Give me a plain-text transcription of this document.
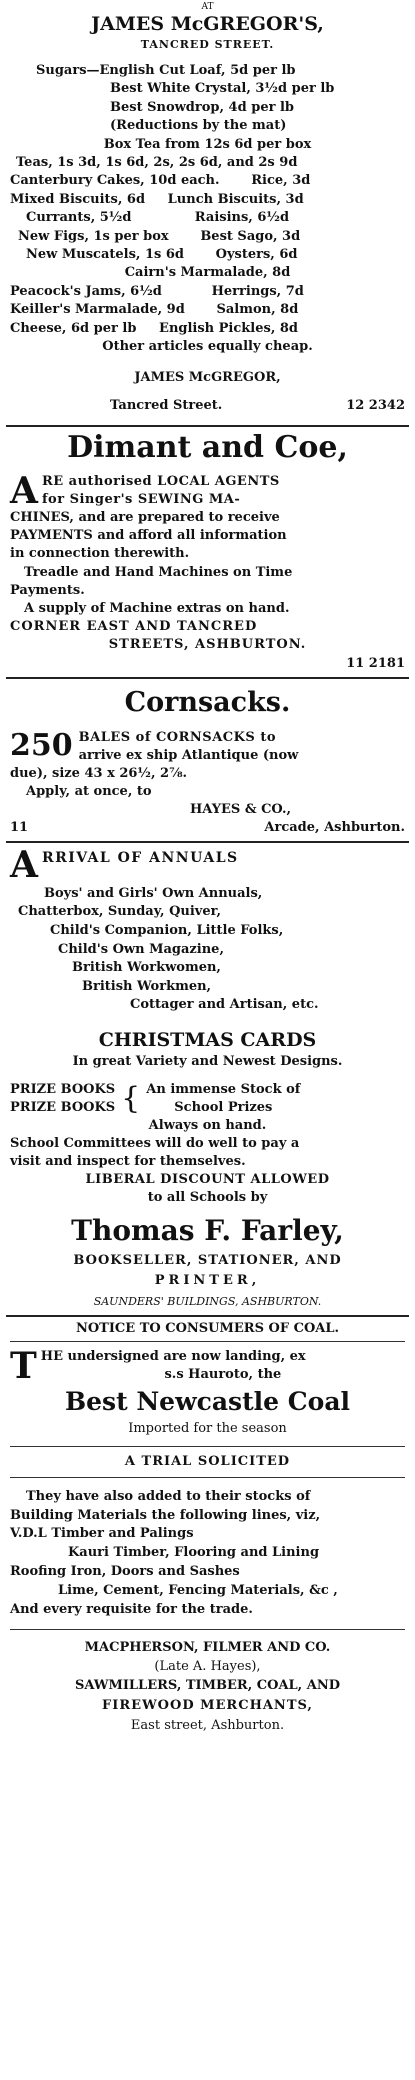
AT
JAMES McGREGOR'S,
TANCRED STREET.
Sugars—English Cut Loaf, 5d per lb
Best White Crystal, 3½d per lb
Best Snowdrop, 4d per lb
(Reductions by the mat)
Box Tea from 12s 6d per box
Teas, 1s 3d, 1s 6d, 2s, 2s 6d, and 2s 9d
Canterbury Cakes, 10d each.       Rice, 3d
Mixed Biscuits, 6d     Lunch Biscuits, 3d
Currants, 5½d              Raisins, 6½d
New Figs, 1s per box       Best Sago, 3d
New Muscatels, 1s 6d       Oysters, 6d
Cairn's Marmalade, 8d
Peacock's Jams, 6½d           Herrings, 7d
Keiller's Marmalade, 9d       Salmon, 8d
Cheese, 6d per lb     English Pickles, 8d
Other articles equally cheap.
JAMES McGREGOR,
Tancred Street.	12 2342
Dimant and Coe,
A RE authorised LOCAL AGENTS
for Singer's SEWING MA-
CHINES, and are prepared to receive
PAYMENTS and afford all information
in connection therewith.
Treadle and Hand Machines on Time
Payments.
A supply of Machine extras on hand.
CORNER EAST AND TANCRED
STREETS, ASHBURTON.
11 2181
Cornsacks.
250 BALES of CORNSACKS to
arrive ex ship Atlantique (now
due), size 43 x 26½, 2⅞.
Apply, at once, to
HAYES & CO.,
11	Arcade, Ashburton.
A RRIVAL OF ANNUALS
Boys' and Girls' Own Annuals,
Chatterbox, Sunday, Quiver,
Child's Companion, Little Folks,
Child's Own Magazine,
British Workwomen,
British Workmen,
Cottager and Artisan, etc.
CHRISTMAS CARDS
In great Variety and Newest Designs.
PRIZE BOOKS
PRIZE BOOKS { An immense Stock of
School Prizes
Always on hand.
School Committees will do well to pay a
visit and inspect for themselves.
LIBERAL DISCOUNT ALLOWED
to all Schools by
Thomas F. Farley,
BOOKSELLER, STATIONER, AND
PRINTER,
SAUNDERS' BUILDINGS, ASHBURTON.
NOTICE TO CONSUMERS OF COAL.
T HE undersigned are now landing, ex
s.s Hauroto, the
Best Newcastle Coal
Imported for the season
A TRIAL SOLICITED
They have also added to their stocks of
Building Materials the following lines, viz,
V.D.L Timber and Palings
Kauri Timber, Flooring and Lining
Roofing Iron, Doors and Sashes
Lime, Cement, Fencing Materials, &c ,
And every requisite for the trade.
MACPHERSON, FILMER AND CO.
(Late A. Hayes),
SAWMILLERS, TIMBER, COAL, AND
FIREWOOD MERCHANTS,
East street, Ashburton.
